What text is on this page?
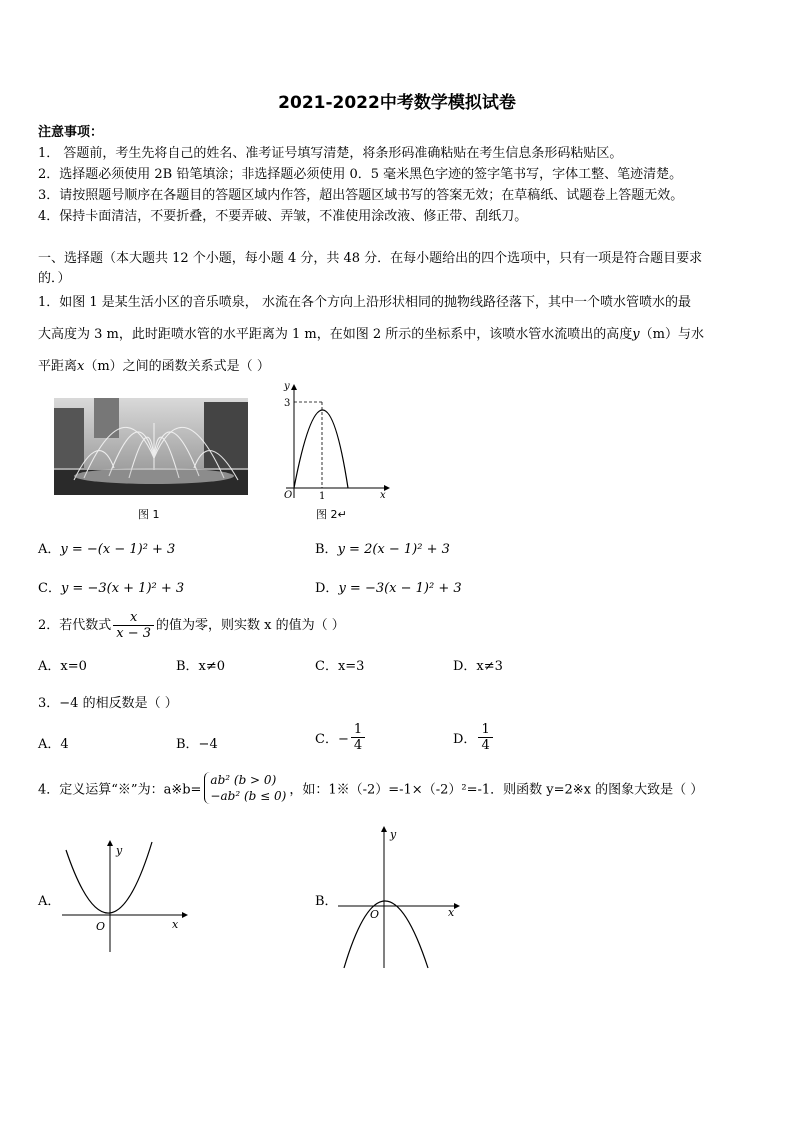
2021-2022中考数学模拟试卷
注意事项：
1． 答题前，考生先将自己的姓名、准考证号填写清楚，将条形码准确粘贴在考生信息条形码粘贴区。
2．选择题必须使用 2B 铅笔填涂；非选择题必须使用 0．5 毫米黑色字迹的签字笔书写，字体工整、笔迹清楚。
3．请按照题号顺序在各题目的答题区域内作答，超出答题区域书写的答案无效；在草稿纸、试题卷上答题无效。
4．保持卡面清洁，不要折叠，不要弄破、弄皱，不准使用涂改液、修正带、刮纸刀。
一、选择题（本大题共 12 个小题，每小题 4 分，共 48 分．在每小题给出的四个选项中，只有一项是符合题目要求
的．）
1．如图 1 是某生活小区的音乐喷泉， 水流在各个方向上沿形状相同的抛物线路径落下，其中一个喷水管喷水的最
大高度为 3 m，此时距喷水管的水平距离为 1 m，在如图 2 所示的坐标系中，该喷水管水流喷出的高度y（m）与水
平距离x（m）之间的函数关系式是（ ）
图 1
y
x
O
3
1
图 2↵
A．y = −(x − 1)² + 3	B．y = 2(x − 1)² + 3
C．y = −3(x + 1)² + 3	D．y = −3(x − 1)² + 3
2．若代数式 $\frac{x}{x - 3}$ 的值为零，则实数 x 的值为（ ）
A．x=0	B．x≠0	C．x=3	D．x≠3
3．−4 的相反数是（ ）
A．4	B．−4	C．− $\frac{1}{4}$	D． $\frac{1}{4}$
4．定义运算“※”为：a※b=
ab² (b > 0)
−ab² (b ≤ 0) ，如：1※（-2）=-1×（-2）²=-1．则函数 y=2※x 的图象大致是（ ）
A．
y
x
O
B．
y
x
O
